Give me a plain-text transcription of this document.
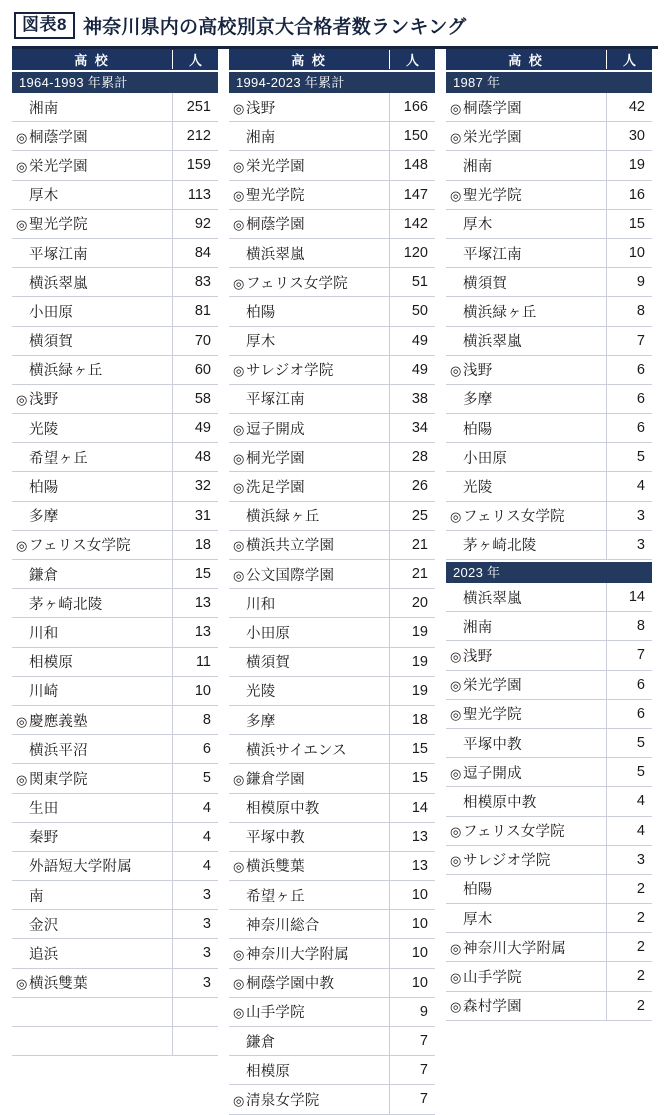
図表8 神奈川県内の高校別京大合格者数ランキング
高 校	人
1964-1993 年累計
湘南	251
◎ 桐蔭学園	212
◎ 栄光学園	159
厚木	113
◎ 聖光学院	92
平塚江南	84
横浜翠嵐	83
小田原	81
横須賀	70
横浜緑ヶ丘	60
◎ 浅野	58
光陵	49
希望ヶ丘	48
柏陽	32
多摩	31
◎ フェリス女学院	18
鎌倉	15
茅ヶ崎北陵	13
川和	13
相模原	11
川崎	10
◎ 慶應義塾	8
横浜平沼	6
◎ 関東学院	5
生田	4
秦野	4
外語短大学附属	4
南	3
金沢	3
追浜	3
◎ 横浜雙葉	3
高 校	人
1994-2023 年累計
◎ 浅野	166
湘南	150
◎ 栄光学園	148
◎ 聖光学院	147
◎ 桐蔭学園	142
横浜翠嵐	120
◎ フェリス女学院	51
柏陽	50
厚木	49
◎ サレジオ学院	49
平塚江南	38
◎ 逗子開成	34
◎ 桐光学園	28
◎ 洗足学園	26
横浜緑ヶ丘	25
◎ 横浜共立学園	21
◎ 公文国際学園	21
川和	20
小田原	19
横須賀	19
光陵	19
多摩	18
横浜サイエンス	15
◎ 鎌倉学園	15
相模原中教	14
平塚中教	13
◎ 横浜雙葉	13
希望ヶ丘	10
神奈川総合	10
◎ 神奈川大学附属	10
◎ 桐蔭学園中教	10
◎ 山手学院	9
鎌倉	7
相模原	7
◎ 清泉女学院	7
高 校	人
1987 年
◎ 桐蔭学園	42
◎ 栄光学園	30
湘南	19
◎ 聖光学院	16
厚木	15
平塚江南	10
横須賀	9
横浜緑ヶ丘	8
横浜翠嵐	7
◎ 浅野	6
多摩	6
柏陽	6
小田原	5
光陵	4
◎ フェリス女学院	3
茅ヶ崎北陵	3
2023 年
横浜翠嵐	14
湘南	8
◎ 浅野	7
◎ 栄光学園	6
◎ 聖光学院	6
平塚中教	5
◎ 逗子開成	5
相模原中教	4
◎ フェリス女学院	4
◎ サレジオ学院	3
柏陽	2
厚木	2
◎ 神奈川大学附属	2
◎ 山手学院	2
◎ 森村学園	2
